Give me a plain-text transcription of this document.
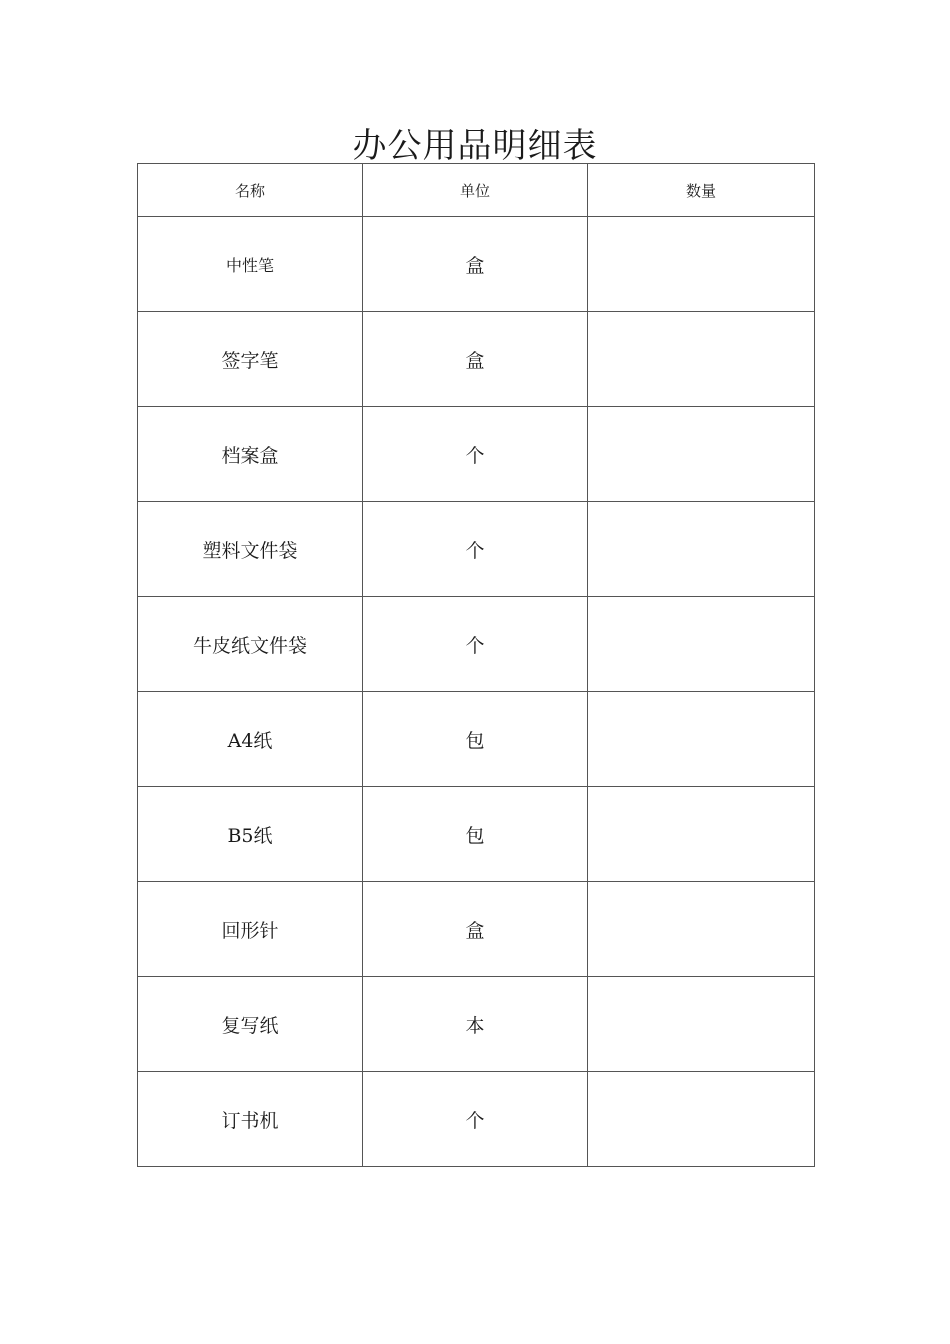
办公用品明细表
名称	单位	数量
中性笔	盒	
签字笔	盒	
档案盒	个	
塑料文件袋	个	
牛皮纸文件袋	个	
A4纸	包	
B5纸	包	
回形针	盒	
复写纸	本	
订书机	个	
